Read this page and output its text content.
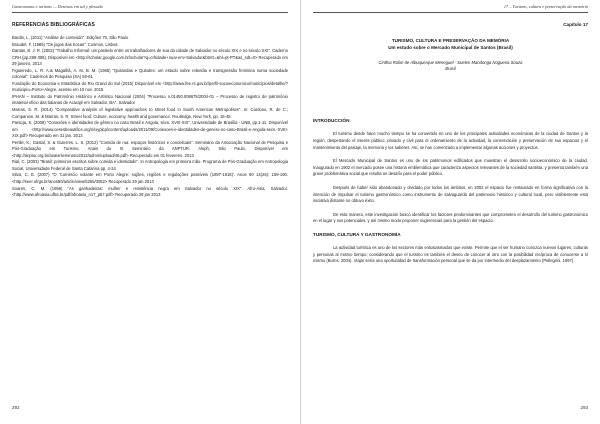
Gastronomia e turismo — Destinos em sal y plenada
REFERENCIAS BIBLIOGRÁFICAS

Bardin, L. (2011) "Análise de conteúdo". Edições 70, São Paulo

Braudel, F. (1985) "Os jogos das trocas". Cosmos, Lisboa

Dantas, B. J. R. (2002) "Trabalho Informal: um paralelo entre os trabalhadores de sua da cidade de Salvador no século XIX e no século XXI". Caderno CRH (pp.289-308). Disponível em <http://scholar.google.com.br/scholar?q=crhidade+nua+em+Salvador&btnG=&hl=pt-PT&as_sdt=0> Recuperado em 29 janeiro, 2013

Figueiredo, L. R. A.& Magalhã, A. M. B. M. (1985) "Quitandas e Quitutes: um estudo sobre rebeldia e transgressão feminina numa sociedade colonial". Cadernos de Pesquisa (SA) 50-61

Fundação do Economia e Estatística do Rio Grand do Sul (2015) Disponível em <http://www.fee.rs.gov.br/perfil-socioeconomico/municipios/detalhe/?municipio=Porto+Alegre, acesso em 10 nov. 2015

IPHAN – Instituto do Patrimônio Histórico e Artístico Nacional (2004) "Processo n.01450.008675/2004-01 – Processo de registro de patrimônio imaterial ofício das baianas de Acarajé em Salvador, BA". Salvador

Marras, S. R. (2014) "Comparative analysis of legislative approaches to street food in South American Metropolises". In: Cardoso, R. de C.; Companion, M. & Marras, S. R. Street food: Culture, economy, health and governance. Routledge, New York, pp. 15-45

Pantoja, S. (2008) "Conexões e identidades de gênero no caso Brasil e Angola, sécs. XVIII-XIX". Universidade de Brasília - UNB, pp.1-11. Disponível em <http://www.cesesbeautifics.org/ni/xyplcp/content/uploads/2011/09/Conexoes-e-identidades-de-genero-no-caso-Brasil-e-Angola-secs.-XVIII-XIX.pdf> Recuperado em 31 jan. 2013

Pertile, K.; Gastal, S. & Guterres, L. S. (2012) "Comida de rua: espaços históricos e conceituais". Seminário da Associação Nacional de Pesquisa e Pós-Graduação em Turismo. Anais do IX Seminário da ANPTUR. Aleph, São Paulo. Disponível em <http://anptur.org.br/anais/seminario2012/admin/upload/46.pdf> Recuperado em 01 fevereiro, 2013

Rial, C. (2003) "Brasil: primeiros escritos sobre comida e identidade". In Antropologia em primeira mão. Programa de Pós-Graduação em Antropologia Social, Universidade Federal de Santa Catarina pp. 4-24

Silva, C. E. (2007) "O 'Comércio volante em Porto Alegre: sujões, regiões e regulações possíveis (1897-1918)'. Anos 90 14(26): 159-190. <http://seer.ufrgs.br/anos90/article/view/5265/3052> Recuperado 29 jan 2013

Soares, C. M. (1996) "As ganhadeiras: mulher e resistência negra em Salvador no século XIX". Afro-Ásia, Salvador. <http://www.afroasia.ufba.br/pdf/afroasia_n17_p57.pdf> Recuperado 29 jan 2013

292
17 – Turismo, cultura e preservação da memória
Capítulo 17
TURISMO, CULTURA E PRESERVAÇÃO DA MEMÓRIA
Um estudo sobre o Mercado Municipal de Santos (Brasil)
Cinthia Rolim de Albuquerque Meneguel - Suelen Mandonga Nogueira Souza
Brasil
INTRODUCCIÓN

El turismo desde hace mucho tiempo se ha convertido en uno de los principales actividades económicas de la ciudad de Santos y la región, despertando el interés público, privado y civil para el ordenamiento de la actividad, la conservación y preservación de sus espacios y el mantenimiento del paisaje, la memoria y los saberes. Así, se han comenzado a implementar algunas acciones y proyectos.

El Mercado Municipal de Santos es uno de los patrimonios edificados que muestran el desarrollo socioeconómico de la ciudad. Inaugurado en 1902 el mercado posee una historia emblemática que caracteriza aspectos relevantes de la sociedad santista, y presenta también una grave problemática social que resulta un desafío para el poder público.

Después de haber sido abandonado y olvidado por todos los ámbitos, en 2002 el espacio fue restaurado en forma significativa con la intención de impulsar el turismo gastronómico como instrumento de salvaguarda del patrimonio histórico y cultural local, pero visiblemente esta iniciativa distante no obtuvo éxito.

De esta manera, este investigación buscó identificar los factores predominantes que comprometen el desarrollo del turismo gastronómico en el lugar y sus potenciales, y así mismo modo proponer sugerencias para la gestión del espacio.

TURISMO, CULTURA Y GASTRONOMÍA

La actividad turística es uno de los sectores más entusiasmados que existe. Permite que el ser humano conozca nuevos lugares, culturas y personas al mismo tiempo; considerando que el turismo es también el deseo de conocer al otro con la posibilidad recíproca de conocerse a sí mismo (Burns, 2004). Viajar sería una oportunidad de transformación personal que se da por intermedio del desplazamiento (Pellegrini, 1997).

293
